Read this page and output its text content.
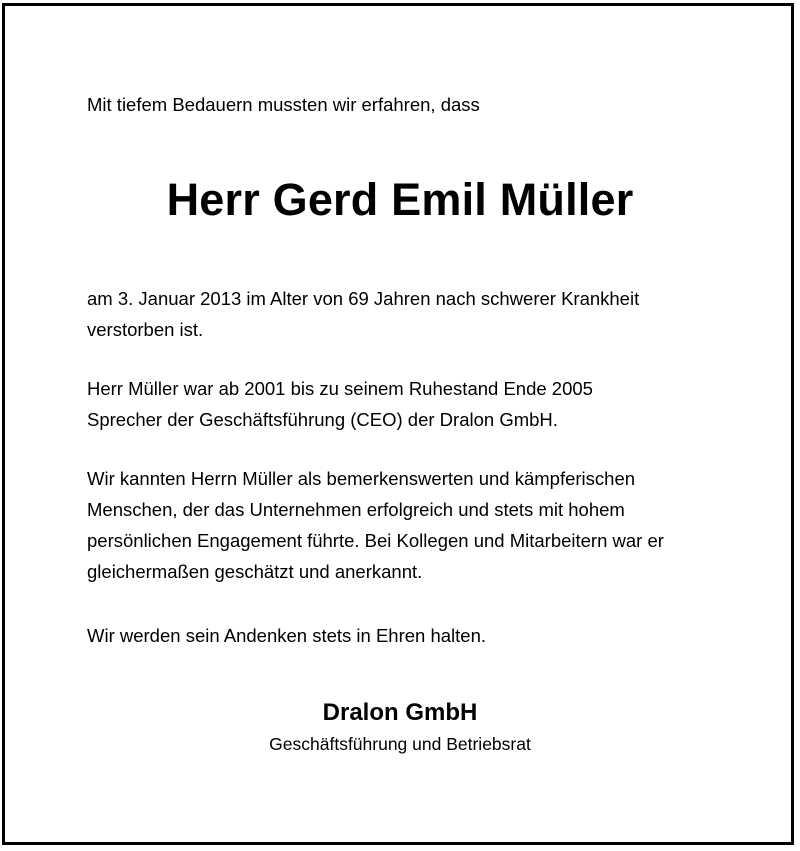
Mit tiefem Bedauern mussten wir erfahren, dass
Herr Gerd Emil Müller

am 3. Januar 2013 im Alter von 69 Jahren nach schwerer Krankheit
verstorben ist.

Herr Müller war ab 2001 bis zu seinem Ruhestand Ende 2005
Sprecher der Geschäftsführung (CEO) der Dralon GmbH.

Wir kannten Herrn Müller als bemerkenswerten und kämpferischen
Menschen, der das Unternehmen erfolgreich und stets mit hohem
persönlichen Engagement führte. Bei Kollegen und Mitarbeitern war er
gleichermaßen geschätzt und anerkannt.

Wir werden sein Andenken stets in Ehren halten.

Dralon GmbH
Geschäftsführung und Betriebsrat
